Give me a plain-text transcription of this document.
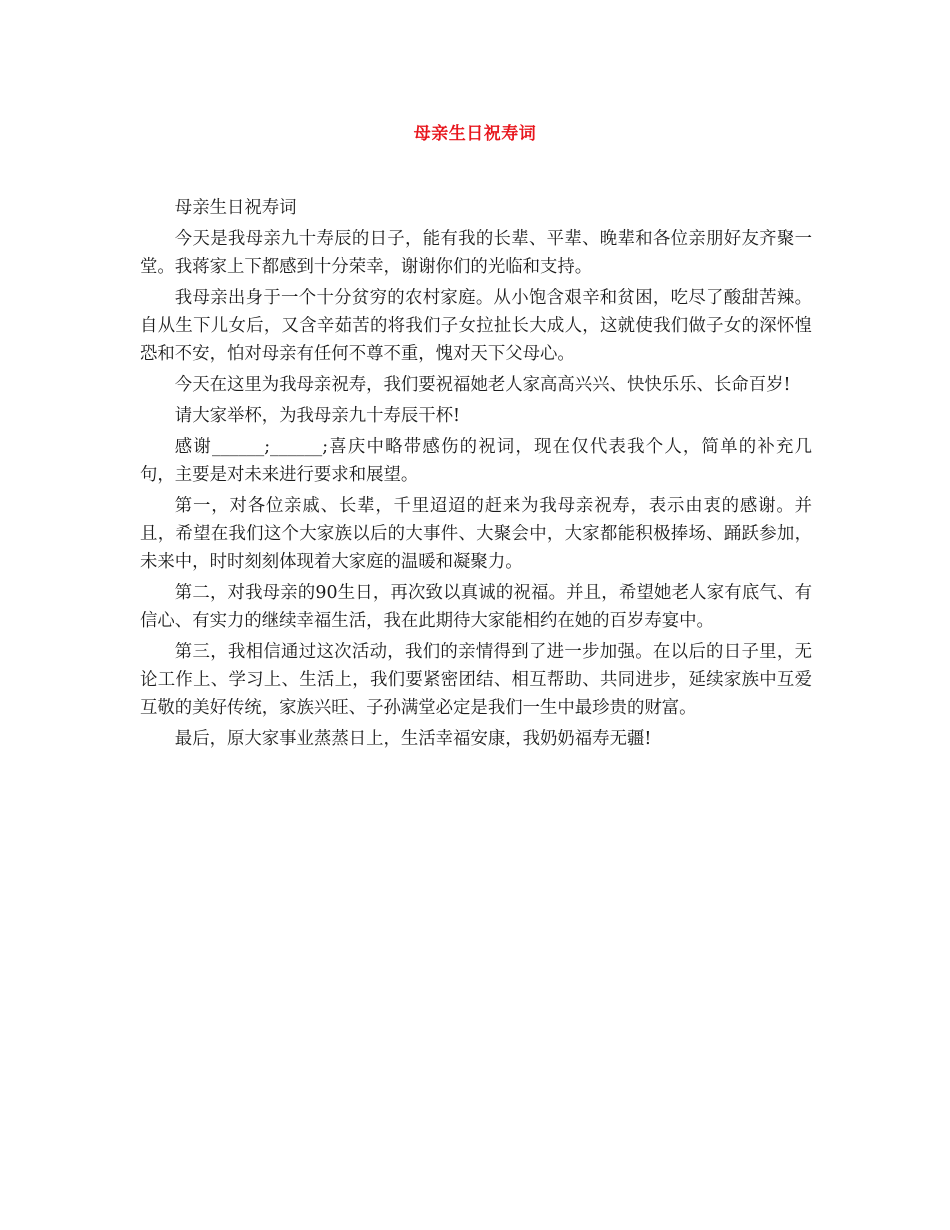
母亲生日祝寿词

母亲生日祝寿词

今天是我母亲九十寿辰的日子，能有我的长辈、平辈、晚辈和各位亲朋好友齐聚一堂。我蒋家上下都感到十分荣幸，谢谢你们的光临和支持。

我母亲出身于一个十分贫穷的农村家庭。从小饱含艰辛和贫困，吃尽了酸甜苦辣。自从生下儿女后，又含辛茹苦的将我们子女拉扯长大成人，这就使我们做子女的深怀惶恐和不安，怕对母亲有任何不尊不重，愧对天下父母心。

今天在这里为我母亲祝寿，我们要祝福她老人家高高兴兴、快快乐乐、长命百岁!

请大家举杯，为我母亲九十寿辰干杯!

感谢______;______;喜庆中略带感伤的祝词，现在仅代表我个人，简单的补充几句，主要是对未来进行要求和展望。

第一，对各位亲戚、长辈，千里迢迢的赶来为我母亲祝寿，表示由衷的感谢。并且，希望在我们这个大家族以后的大事件、大聚会中，大家都能积极捧场、踊跃参加，未来中，时时刻刻体现着大家庭的温暖和凝聚力。

第二，对我母亲的90生日，再次致以真诚的祝福。并且，希望她老人家有底气、有信心、有实力的继续幸福生活，我在此期待大家能相约在她的百岁寿宴中。

第三，我相信通过这次活动，我们的亲情得到了进一步加强。在以后的日子里，无论工作上、学习上、生活上，我们要紧密团结、相互帮助、共同进步，延续家族中互爱互敬的美好传统，家族兴旺、子孙满堂必定是我们一生中最珍贵的财富。

最后，原大家事业蒸蒸日上，生活幸福安康，我奶奶福寿无疆!
